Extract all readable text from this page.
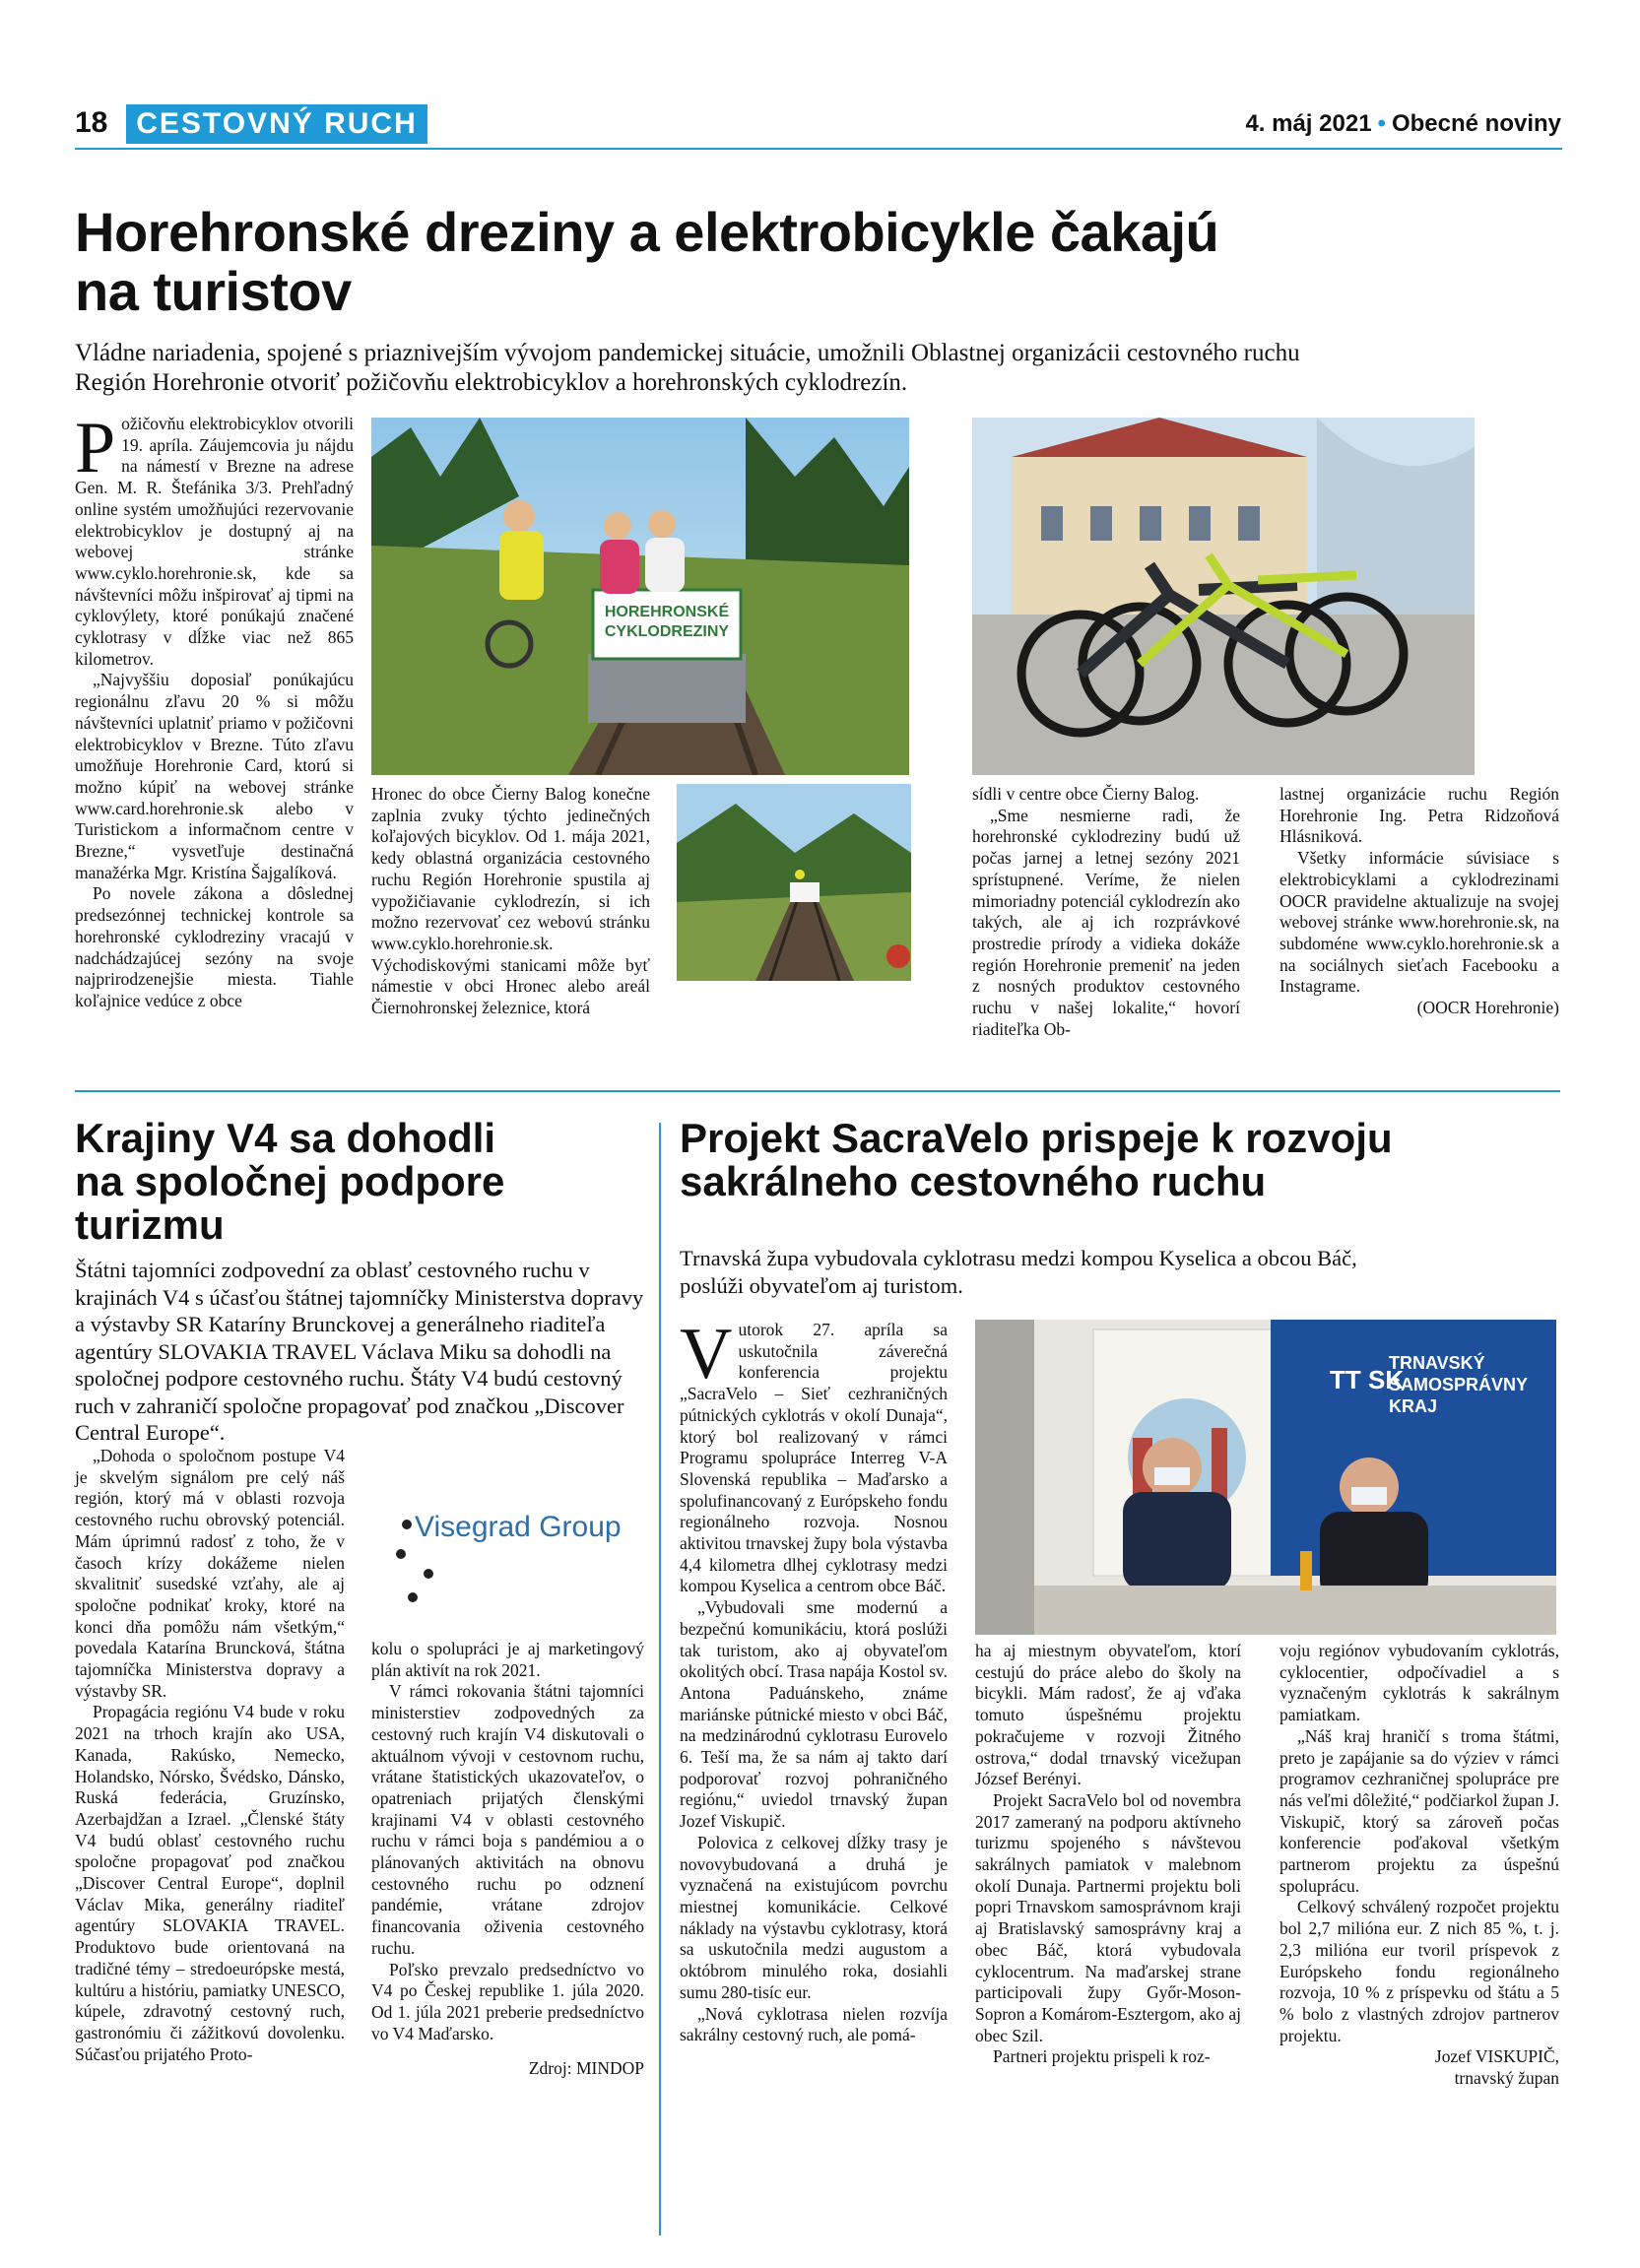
18 CESTOVNÝ RUCH	4. máj 2021 • Obecné noviny
Horehronské dreziny a elektrobicykle čakajú
na turistov
Vládne nariadenia, spojené s priaznivejším vývojom pandemickej situácie, umožnili Oblastnej organizácii cestovného ruchu
Región Horehronie otvoriť požičovňu elektrobicyklov a horehronských cyklodrezín.

Požičovňu elektrobicyklov otvorili 19. apríla. Záujemcovia ju nájdu na námestí v Brezne na adrese Gen. M. R. Štefánika 3/3. Prehľadný online systém umožňujúci rezervovanie elektrobicyklov je dostupný aj na webovej stránke www.cyklo.horehronie.sk, kde sa návštevníci môžu inšpirovať aj tipmi na cyklovýlety, ktoré ponúkajú značené cyklotrasy v dĺžke viac než 865 kilometrov.

„Najvyššiu doposiaľ ponúkajúcu regionálnu zľavu 20 % si môžu návštevníci uplatniť priamo v požičovni elektrobicyklov v Brezne. Túto zľavu umožňuje Horehronie Card, ktorú si možno kúpiť na webovej stránke www.card.horehronie.sk alebo v Turistickom a informačnom centre v Brezne,“ vysvetľuje destinačná manažérka Mgr. Kristína Šajgalíková.

Po novele zákona a dôslednej predsezónnej technickej kontrole sa horehronské cyklodreziny vracajú v nadchádzajúcej sezóny na svoje najprirodzenejšie miesta. Tiahle koľajnice vedúce z obce

HOREHRONSKÉ
CYKLODREZINY

Hronec do obce Čierny Balog konečne zaplnia zvuky týchto jedinečných koľajových bicyklov. Od 1. mája 2021, kedy oblastná organizácia cestovného ruchu Región Horehronie spustila aj vypožičiavanie cyklodrezín, si ich možno rezervovať cez webovú stránku www.cyklo.horehronie.sk. Východiskovými stanicami môže byť námestie v obci Hronec alebo areál Čiernohronskej železnice, ktorá

sídli v centre obce Čierny Balog.

„Sme nesmierne radi, že horehronské cyklodreziny budú už počas jarnej a letnej sezóny 2021 sprístupnené. Veríme, že nielen mimoriadny potenciál cyklodrezín ako takých, ale aj ich rozprávkové prostredie prírody a vidieka dokáže región Horehronie premeniť na jeden z nosných produktov cestovného ruchu v našej lokalite,“ hovorí riaditeľka Ob-

lastnej organizácie ruchu Región Horehronie Ing. Petra Ridzoňová Hlásniková.

Všetky informácie súvisiace s elektrobicyklami a cyklodrezinami OOCR pravidelne aktualizuje na svojej webovej stránke www.horehronie.sk, na subdoméne www.cyklo.horehronie.sk a na sociálnych sieťach Facebooku a Instagrame.

(OOCR Horehronie)

Krajiny V4 sa dohodli
na spoločnej podpore
turizmu
Štátni tajomníci zodpovední za oblasť cestovného ruchu v krajinách V4 s účasťou štátnej tajomníčky Ministerstva dopravy a výstavby SR Kataríny Brunckovej a generálneho riaditeľa agentúry SLOVAKIA TRAVEL Václava Miku sa dohodli na spoločnej podpore cestovného ruchu. Štáty V4 budú cestovný ruch v zahraničí spoločne propagovať pod značkou „Discover Central Europe“.

„Dohoda o spoločnom postupe V4 je skvelým signálom pre celý náš región, ktorý má v oblasti rozvoja cestovného ruchu obrovský potenciál. Mám úprimnú radosť z toho, že v časoch krízy dokážeme nielen skvalitniť susedské vzťahy, ale aj spoločne podnikať kroky, ktoré na konci dňa pomôžu nám všetkým,“ povedala Katarína Bruncková, štátna tajomníčka Ministerstva dopravy a výstavby SR.

Propagácia regiónu V4 bude v roku 2021 na trhoch krajín ako USA, Kanada, Rakúsko, Nemecko, Holandsko, Nórsko, Švédsko, Dánsko, Ruská federácia, Gruzínsko, Azerbajdžan a Izrael. „Členské štáty V4 budú oblasť cestovného ruchu spoločne propagovať pod značkou „Discover Central Europe“, doplnil Václav Mika, generálny riaditeľ agentúry SLOVAKIA TRAVEL. Produktovo bude orientovaná na tradičné témy – stredoeurópske mestá, kultúru a históriu, pamiatky UNESCO, kúpele, zdravotný cestovný ruch, gastronómiu či zážitkovú dovolenku. Súčasťou prijatého Proto-

Visegrad Group

kolu o spolupráci je aj marketingový plán aktivít na rok 2021.

V rámci rokovania štátni tajomníci ministerstiev zodpovedných za cestovný ruch krajín V4 diskutovali o aktuálnom vývoji v cestovnom ruchu, vrátane štatistických ukazovateľov, o opatreniach prijatých členskými krajinami V4 v oblasti cestovného ruchu v rámci boja s pandémiou a o plánovaných aktivitách na obnovu cestovného ruchu po odznení pandémie, vrátane zdrojov financovania oživenia cestovného ruchu.

Poľsko prevzalo predsedníctvo vo V4 po Českej republike 1. júla 2020. Od 1. júla 2021 preberie predsedníctvo vo V4 Maďarsko.

Zdroj: MINDOP

Projekt SacraVelo prispeje k rozvoju
sakrálneho cestovného ruchu
Trnavská župa vybudovala cyklotrasu medzi kompou Kyselica a obcou Báč,
poslúži obyvateľom aj turistom.

Vutorok 27. apríla sa uskutočnila záverečná konferencia projektu „SacraVelo – Sieť cezhraničných pútnických cyklotrás v okolí Dunaja“, ktorý bol realizovaný v rámci Programu spolupráce Interreg V-A Slovenská republika – Maďarsko a spolufinancovaný z Európskeho fondu regionálneho rozvoja. Nosnou aktivitou trnavskej župy bola výstavba 4,4 kilometra dlhej cyklotrasy medzi kompou Kyselica a centrom obce Báč.

„Vybudovali sme modernú a bezpečnú komunikáciu, ktorá poslúži tak turistom, ako aj obyvateľom okolitých obcí. Trasa napája Kostol sv. Antona Paduánskeho, známe mariánske pútnické miesto v obci Báč, na medzinárodnú cyklotrasu Eurovelo 6. Teší ma, že sa nám aj takto darí podporovať rozvoj pohraničného regiónu,“ uviedol trnavský župan Jozef Viskupič.

Polovica z celkovej dĺžky trasy je novovybudovaná a druhá je vyznačená na existujúcom povrchu miestnej komunikácie. Celkové náklady na výstavbu cyklotrasy, ktorá sa uskutočnila medzi augustom a októbrom minulého roka, dosiahli sumu 280-tisíc eur.

„Nová cyklotrasa nielen rozvíja sakrálny cestovný ruch, ale pomá-

TT SK
TRNAVSKÝ
SAMOSPRÁVNY
KRAJ

ha aj miestnym obyvateľom, ktorí cestujú do práce alebo do školy na bicykli. Mám radosť, že aj vďaka tomuto úspešnému projektu pokračujeme v rozvoji Žitného ostrova,“ dodal trnavský vicežupan József Berényi.

Projekt SacraVelo bol od novembra 2017 zameraný na podporu aktívneho turizmu spojeného s návštevou sakrálnych pamiatok v malebnom okolí Dunaja. Partnermi projektu boli popri Trnavskom samosprávnom kraji aj Bratislavský samosprávny kraj a obec Báč, ktorá vybudovala cyklocentrum. Na maďarskej strane participovali župy Győr-Moson-Sopron a Komárom-Esztergom, ako aj obec Szil.

Partneri projektu prispeli k roz-

voju regiónov vybudovaním cyklotrás, cyklocentier, odpočívadiel a s vyznačeným cyklotrás k sakrálnym pamiatkam.

„Náš kraj hraničí s troma štátmi, preto je zapájanie sa do výziev v rámci programov cezhraničnej spolupráce pre nás veľmi dôležité,“ podčiarkol župan J. Viskupič, ktorý sa zároveň počas konferencie poďakoval všetkým partnerom projektu za úspešnú spoluprácu.

Celkový schválený rozpočet projektu bol 2,7 milióna eur. Z nich 85 %, t. j. 2,3 milióna eur tvoril príspevok z Európskeho fondu regionálneho rozvoja, 10 % z príspevku od štátu a 5 % bolo z vlastných zdrojov partnerov projektu.

Jozef VISKUPIČ,

trnavský župan
